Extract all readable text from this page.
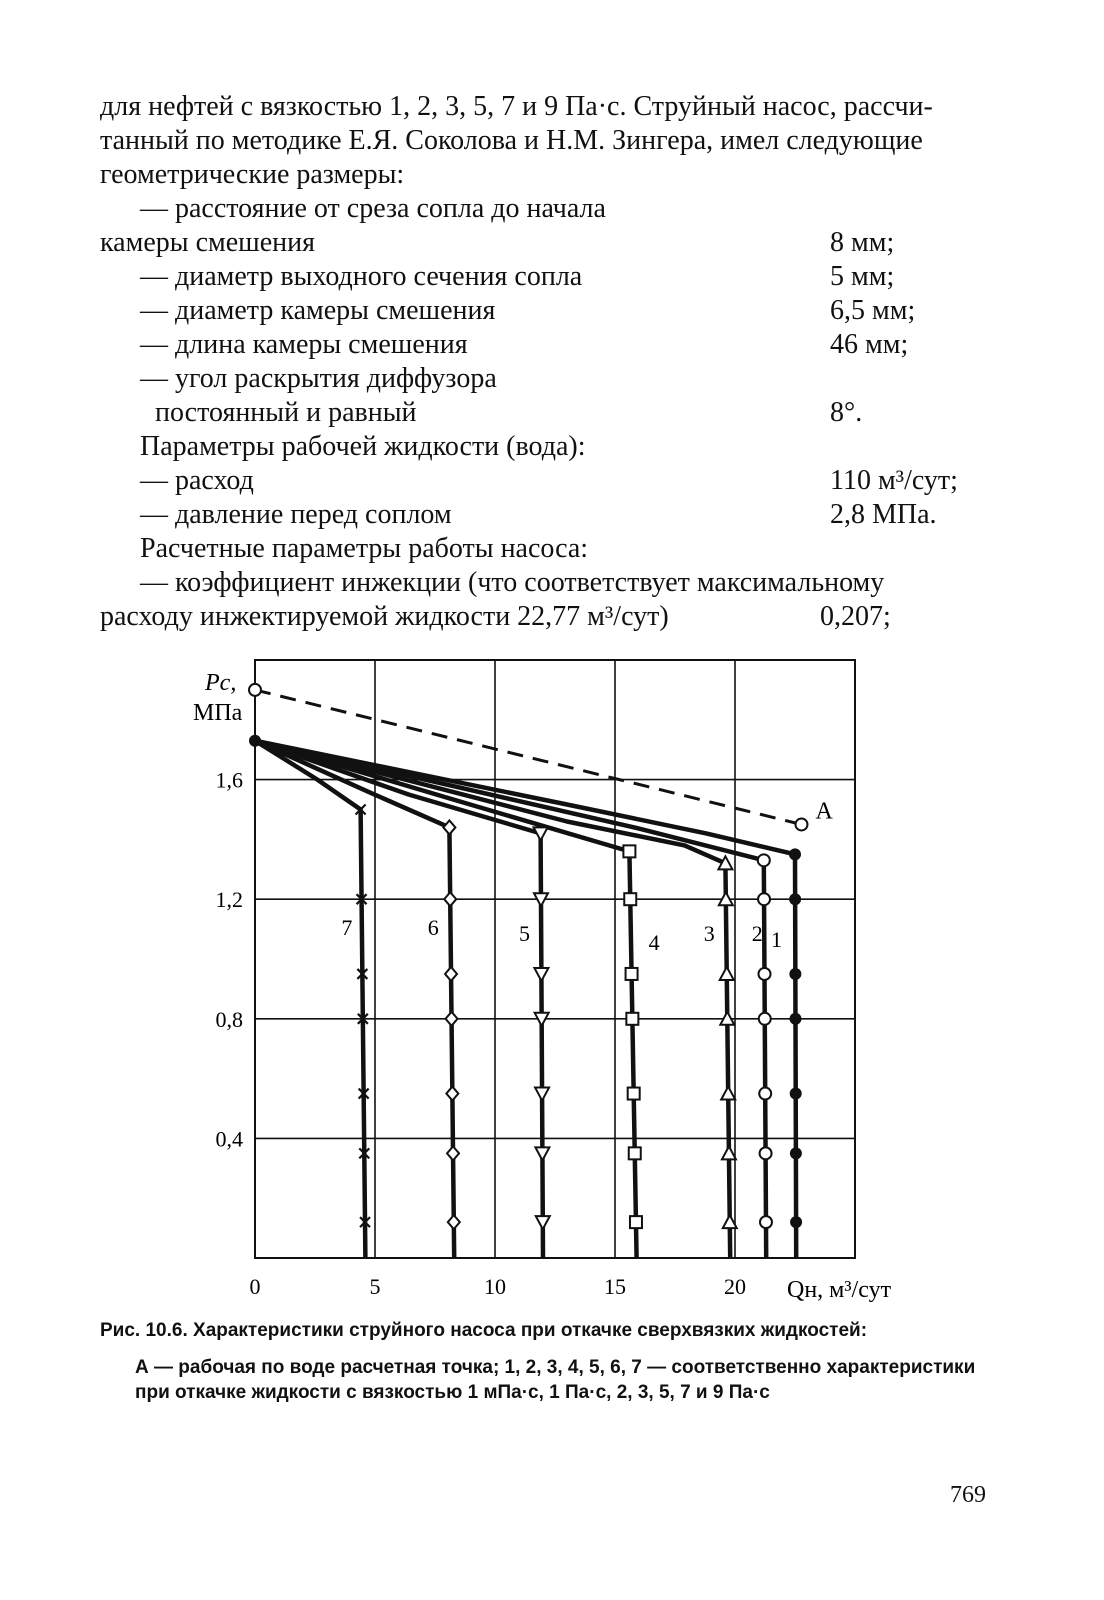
для нефтей с вязкостью 1, 2, 3, 5, 7 и 9 Па·с. Струйный насос, рассчи-
танный по методике Е.Я. Соколова и Н.М. Зингера, имел следующие
геометрические размеры:
— расстояние от среза сопла до начала
камеры смешения	8 мм;
— диаметр выходного сечения сопла	5 мм;
— диаметр камеры смешения	6,5 мм;
— длина камеры смешения	46 мм;
— угол раскрытия диффузора
постоянный и равный	8°.
Параметры рабочей жидкости (вода):
— расход	110 м³/сут;
— давление перед соплом	2,8 МПа.
Расчетные параметры работы насоса:
— коэффициент инжекции (что соответствует максимальному
расходу инжектируемой жидкости 22,77 м³/сут)	0,207;
0	5	10	15	20
0,4
0,8
1,2
1,6
A
1
2
3
4
5
6
7
Pс,
МПа
Qн, м³/сут
Рис. 10.6. Характеристики струйного насоса при откачке сверхвязких жидкостей:
А — рабочая по воде расчетная точка; 1, 2, 3, 4, 5, 6, 7 — соответственно характеристики при откачке жидкости с вязкостью 1 мПа·с, 1 Па·с, 2, 3, 5, 7 и 9 Па·с
769
